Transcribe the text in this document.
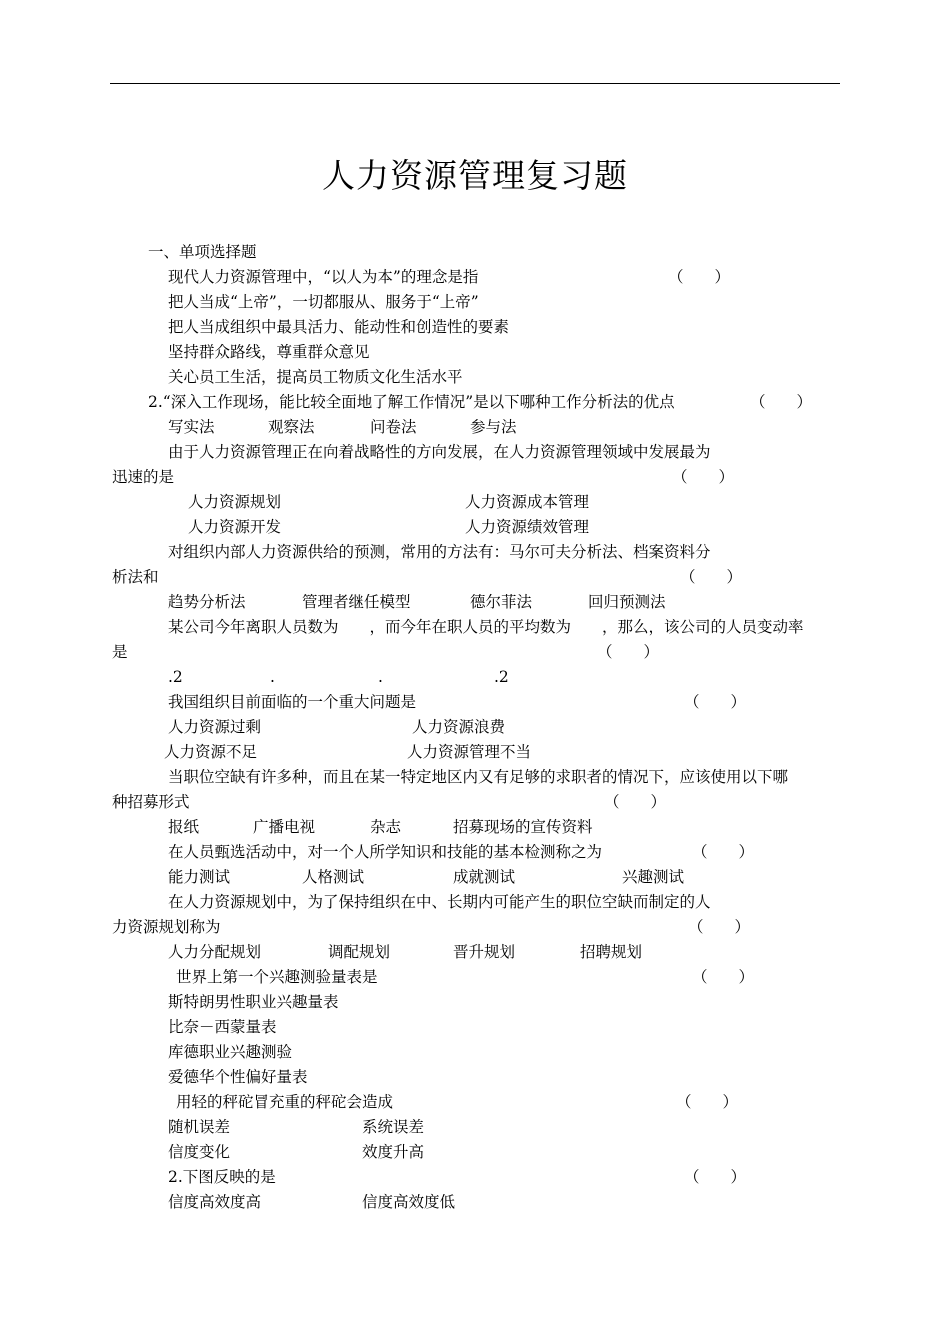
人力资源管理复习题
一、单项选择题
现代人力资源管理中，“以人为本”的理念是指	（　　）
把人当成“上帝”，一切都服从、服务于“上帝”
把人当成组织中最具活力、能动性和创造性的要素
坚持群众路线，尊重群众意见
关心员工生活，提高员工物质文化生活水平
2.“深入工作现场，能比较全面地了解工作情况”是以下哪种工作分析法的优点	（　　）
写实法	观察法	问卷法	参与法
由于人力资源管理正在向着战略性的方向发展，在人力资源管理领域中发展最为
迅速的是	（　　）
人力资源规划	人力资源成本管理
人力资源开发	人力资源绩效管理
对组织内部人力资源供给的预测，常用的方法有：马尔可夫分析法、档案资料分
析法和	（　　）
趋势分析法	管理者继任模型	德尔菲法	回归预测法
某公司今年离职人员数为　　，而今年在职人员的平均数为　　，那么，该公司的人员变动率
是	（　　）
.2	.	.	.2
我国组织目前面临的一个重大问题是	（　　）
人力资源过剩	人力资源浪费
人力资源不足	人力资源管理不当
当职位空缺有许多种，而且在某一特定地区内又有足够的求职者的情况下，应该使用以下哪
种招募形式	（　　）
报纸	广播电视	杂志	招募现场的宣传资料
在人员甄选活动中，对一个人所学知识和技能的基本检测称之为	（　　）
能力测试	人格测试	成就测试	兴趣测试
在人力资源规划中，为了保持组织在中、长期内可能产生的职位空缺而制定的人
力资源规划称为	（　　）
人力分配规划	调配规划	晋升规划	招聘规划
世界上第一个兴趣测验量表是	（　　）
斯特朗男性职业兴趣量表
比奈－西蒙量表
库德职业兴趣测验
爱德华个性偏好量表
用轻的秤砣冒充重的秤砣会造成	（　　）
随机误差	系统误差
信度变化	效度升高
2.下图反映的是	（　　）
信度高效度高	信度高效度低
